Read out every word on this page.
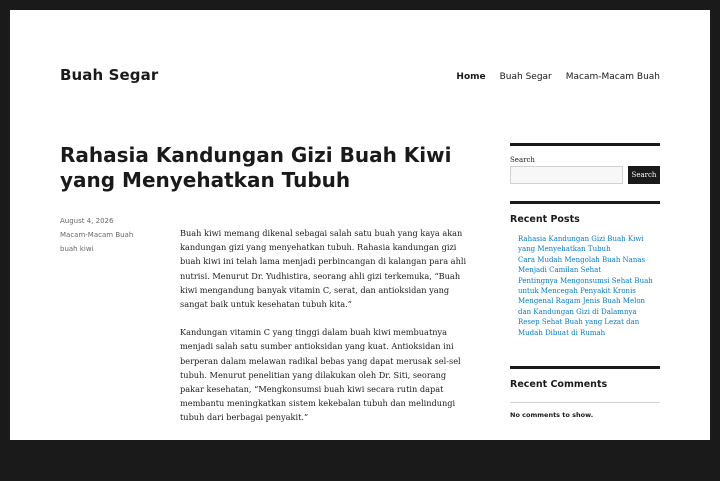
Buah Segar	Home Buah Segar Macam-Macam Buah
Rahasia Kandungan Gizi Buah Kiwi yang Menyehatkan Tubuh
August 4, 2026
Macam-Macam Buah
buah kiwi

Buah kiwi memang dikenal sebagai salah satu buah yang kaya akan kandungan gizi yang menyehatkan tubuh. Rahasia kandungan gizi buah kiwi ini telah lama menjadi perbincangan di kalangan para ahli nutrisi. Menurut Dr. Yudhistira, seorang ahli gizi terkemuka, “Buah kiwi mengandung banyak vitamin C, serat, dan antioksidan yang sangat baik untuk kesehatan tubuh kita.”

Kandungan vitamin C yang tinggi dalam buah kiwi membuatnya menjadi salah satu sumber antioksidan yang kuat. Antioksidan ini berperan dalam melawan radikal bebas yang dapat merusak sel-sel tubuh. Menurut penelitian yang dilakukan oleh Dr. Siti, seorang pakar kesehatan, “Mengkonsumsi buah kiwi secara rutin dapat membantu meningkatkan sistem kekebalan tubuh dan melindungi tubuh dari berbagai penyakit.”

Selain itu, buah kiwi juga mengandung serat yang tinggi. Serat ini sangat

Search
Search
Recent Posts
Rahasia Kandungan Gizi Buah Kiwi yang Menyehatkan Tubuh
Cara Mudah Mengolah Buah Nanas Menjadi Camilan Sehat
Pentingnya Mengonsumsi Sehat Buah untuk Mencegah Penyakit Kronis
Mengenal Ragam Jenis Buah Melon dan Kandungan Gizi di Dalamnya
Resep Sehat Buah yang Lezat dan Mudah Dibuat di Rumah
Recent Comments
No comments to show.
